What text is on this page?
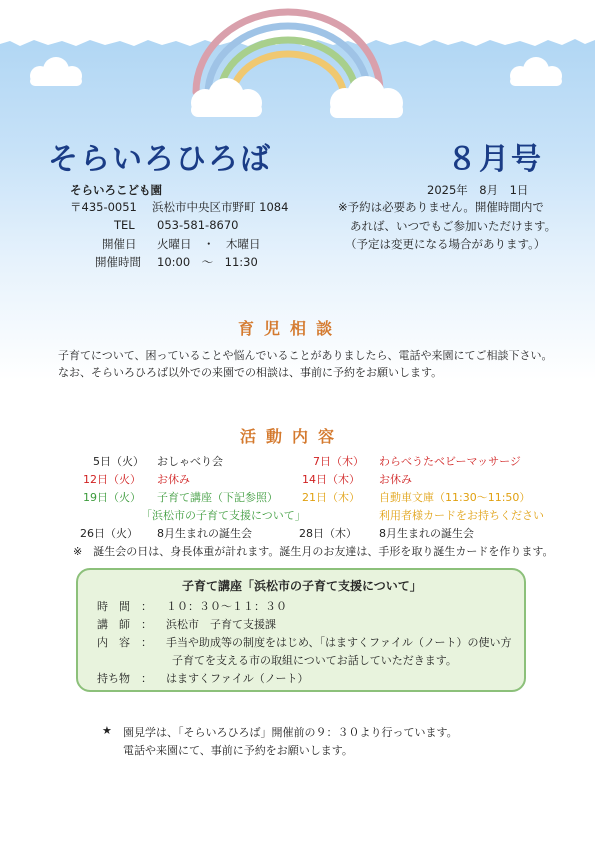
そらいろひろば	８月号
そらいろこども園
〒435-0051 浜松市中央区市野町 1084
TEL 053-581-8670
開催日 火曜日　・　木曜日
開催時間 10:00　～　11:30
2025年　8月　1日
※予約は必要ありません。開催時間内で
あれば、いつでもご参加いただけます。
（予定は変更になる場合があります。）
育児相談
子育てについて、困っていることや悩んでいることがありましたら、電話や来園にてご相談下さい。
なお、そらいろひろば以外での来園での相談は、事前に予約をお願いします。
活動内容
5日（火） おしゃべり会	7日（木） わらべうたベビーマッサージ
12日（火） お休み	14日（木） お休み
19日（火） 子育て講座（下記参照） 21日（木） 自動車文庫（11:30～11:50）
「浜松市の子育て支援について」	利用者様カードをお持ちください
26日（火） 8月生まれの誕生会	28日（木） 8月生まれの誕生会
※　誕生会の日は、身長体重が計れます。誕生月のお友達は、手形を取り誕生カードを作ります。
子育て講座「浜松市の子育て支援について」
時　間　： １０：３０～１１：３０
講　師　： 浜松市　子育て支援課
内　容　： 手当や助成等の制度をはじめ、「はますくファイル（ノート）の使い方
子育てを支える市の取組についてお話していただきます。
持ち物　： はますくファイル（ノート）
★ 園見学は、「そらいろひろば」開催前の９：３０より行っています。
電話や来園にて、事前に予約をお願いします。
